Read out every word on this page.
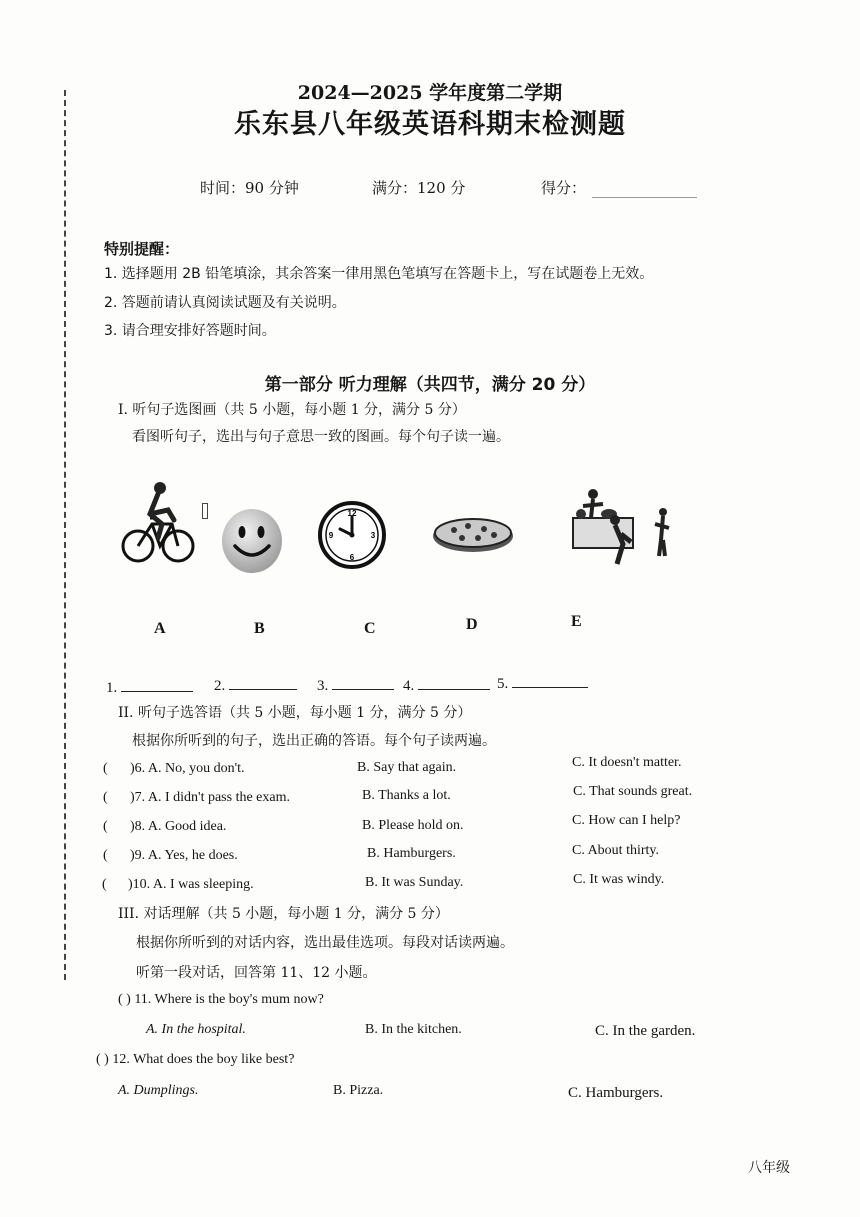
2024—2025 学年度第二学期
乐东县八年级英语科期末检测题
时间：90 分钟	满分：120 分	得分：
特别提醒：
1. 选择题用 2B 铅笔填涂，其余答案一律用黑色笔填写在答题卡上，写在试题卷上无效。
2. 答题前请认真阅读试题及有关说明。
3. 请合理安排好答题时间。
第一部分 听力理解（共四节，满分 20 分）
I. 听句子选图画（共 5 小题，每小题 1 分，满分 5 分）
看图听句子，选出与句子意思一致的图画。每个句子读一遍。
12
3
6
9
A	B	C	D	E
1.	2.	3.	4.	5.
II. 听句子选答语（共 5 小题，每小题 1 分，满分 5 分）
根据你所听到的句子，选出正确的答语。每个句子读两遍。
( )6. A. No, you don't.	B. Say that again.	C. It doesn't matter.
( )7. A. I didn't pass the exam.	B. Thanks a lot.	C. That sounds great.
( )8. A. Good idea.	B. Please hold on.	C. How can I help?
( )9. A. Yes, he does.	B. Hamburgers.	C. About thirty.
( )10. A. I was sleeping.	B. It was Sunday.	C. It was windy.
III. 对话理解（共 5 小题，每小题 1 分，满分 5 分）
根据你所听到的对话内容，选出最佳选项。每段对话读两遍。
听第一段对话，回答第 11、12 小题。
( ) 11. Where is the boy's mum now?
A. In the hospital.	B. In the kitchen.	C. In the garden.
( ) 12. What does the boy like best?
A. Dumplings.	B. Pizza.	C. Hamburgers.
八年级
